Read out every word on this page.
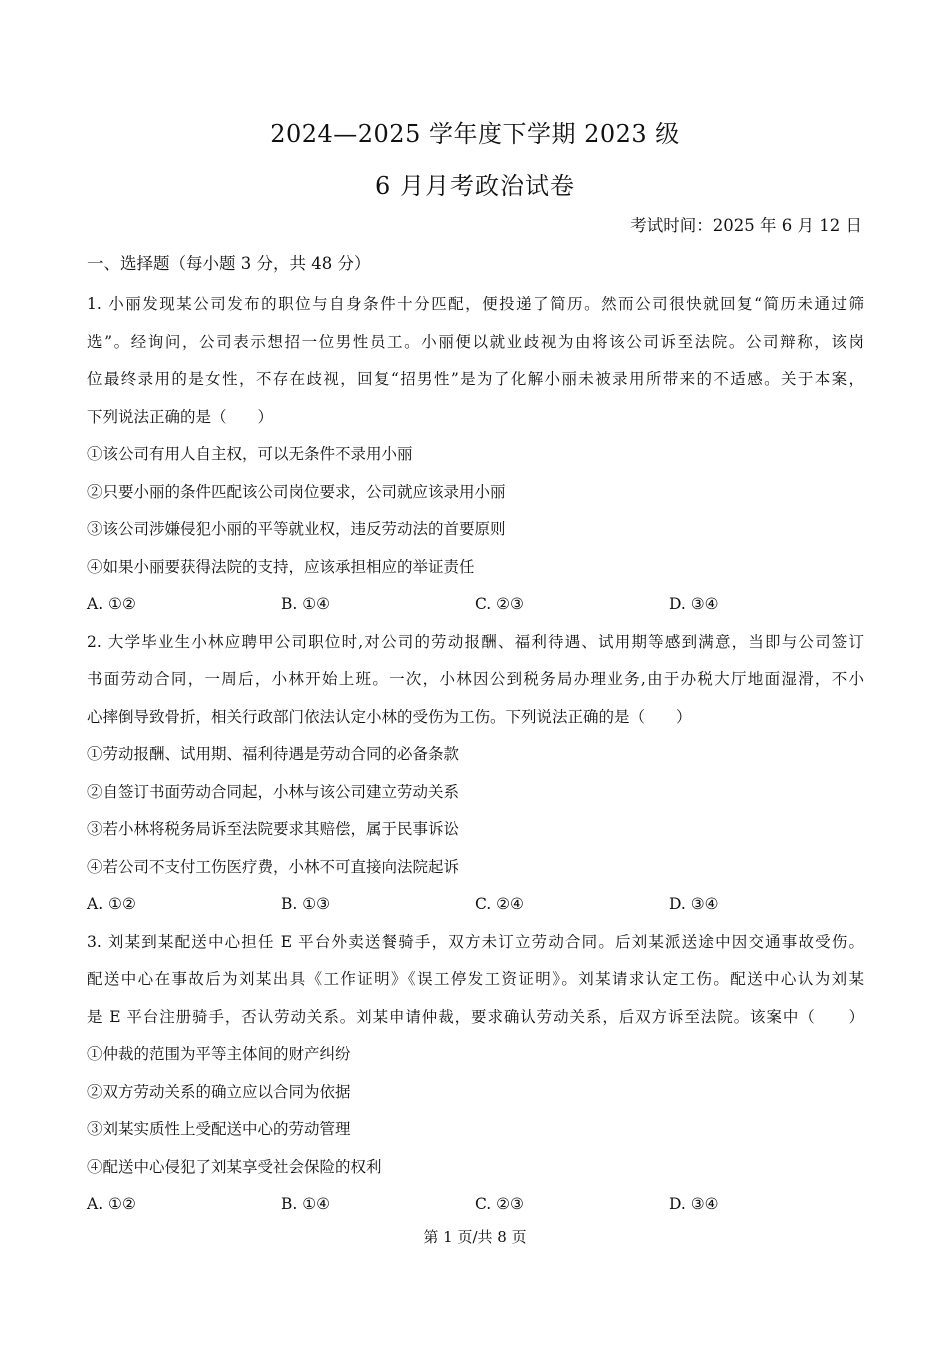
2024—2025 学年度下学期 2023 级
6 月月考政治试卷
考试时间：2025 年 6 月 12 日
一、选择题（每小题 3 分，共 48 分）
1. 小丽发现某公司发布的职位与自身条件十分匹配，便投递了简历。然而公司很快就回复“简历未通过筛
选”。经询问，公司表示想招一位男性员工。小丽便以就业歧视为由将该公司诉至法院。公司辩称，该岗
位最终录用的是女性，不存在歧视，回复“招男性”是为了化解小丽未被录用所带来的不适感。关于本案，
下列说法正确的是（　　）
①该公司有用人自主权，可以无条件不录用小丽
②只要小丽的条件匹配该公司岗位要求，公司就应该录用小丽
③该公司涉嫌侵犯小丽的平等就业权，违反劳动法的首要原则
④如果小丽要获得法院的支持，应该承担相应的举证责任
A. ①②	B. ①④	C. ②③	D. ③④
2. 大学毕业生小林应聘甲公司职位时,对公司的劳动报酬、福利待遇、试用期等感到满意，当即与公司签订
书面劳动合同，一周后，小林开始上班。一次，小林因公到税务局办理业务,由于办税大厅地面湿滑，不小
心摔倒导致骨折，相关行政部门依法认定小林的受伤为工伤。下列说法正确的是（　　）
①劳动报酬、试用期、福利待遇是劳动合同的必备条款
②自签订书面劳动合同起，小林与该公司建立劳动关系
③若小林将税务局诉至法院要求其赔偿，属于民事诉讼
④若公司不支付工伤医疗费，小林不可直接向法院起诉
A. ①②	B. ①③	C. ②④	D. ③④
3. 刘某到某配送中心担任 E 平台外卖送餐骑手，双方未订立劳动合同。后刘某派送途中因交通事故受伤。
配送中心在事故后为刘某出具《工作证明》《误工停发工资证明》。刘某请求认定工伤。配送中心认为刘某
是 E 平台注册骑手，否认劳动关系。刘某申请仲裁，要求确认劳动关系，后双方诉至法院。该案中（　　）
①仲裁的范围为平等主体间的财产纠纷
②双方劳动关系的确立应以合同为依据
③刘某实质性上受配送中心的劳动管理
④配送中心侵犯了刘某享受社会保险的权利
A. ①②	B. ①④	C. ②③	D. ③④
第 1 页/共 8 页
